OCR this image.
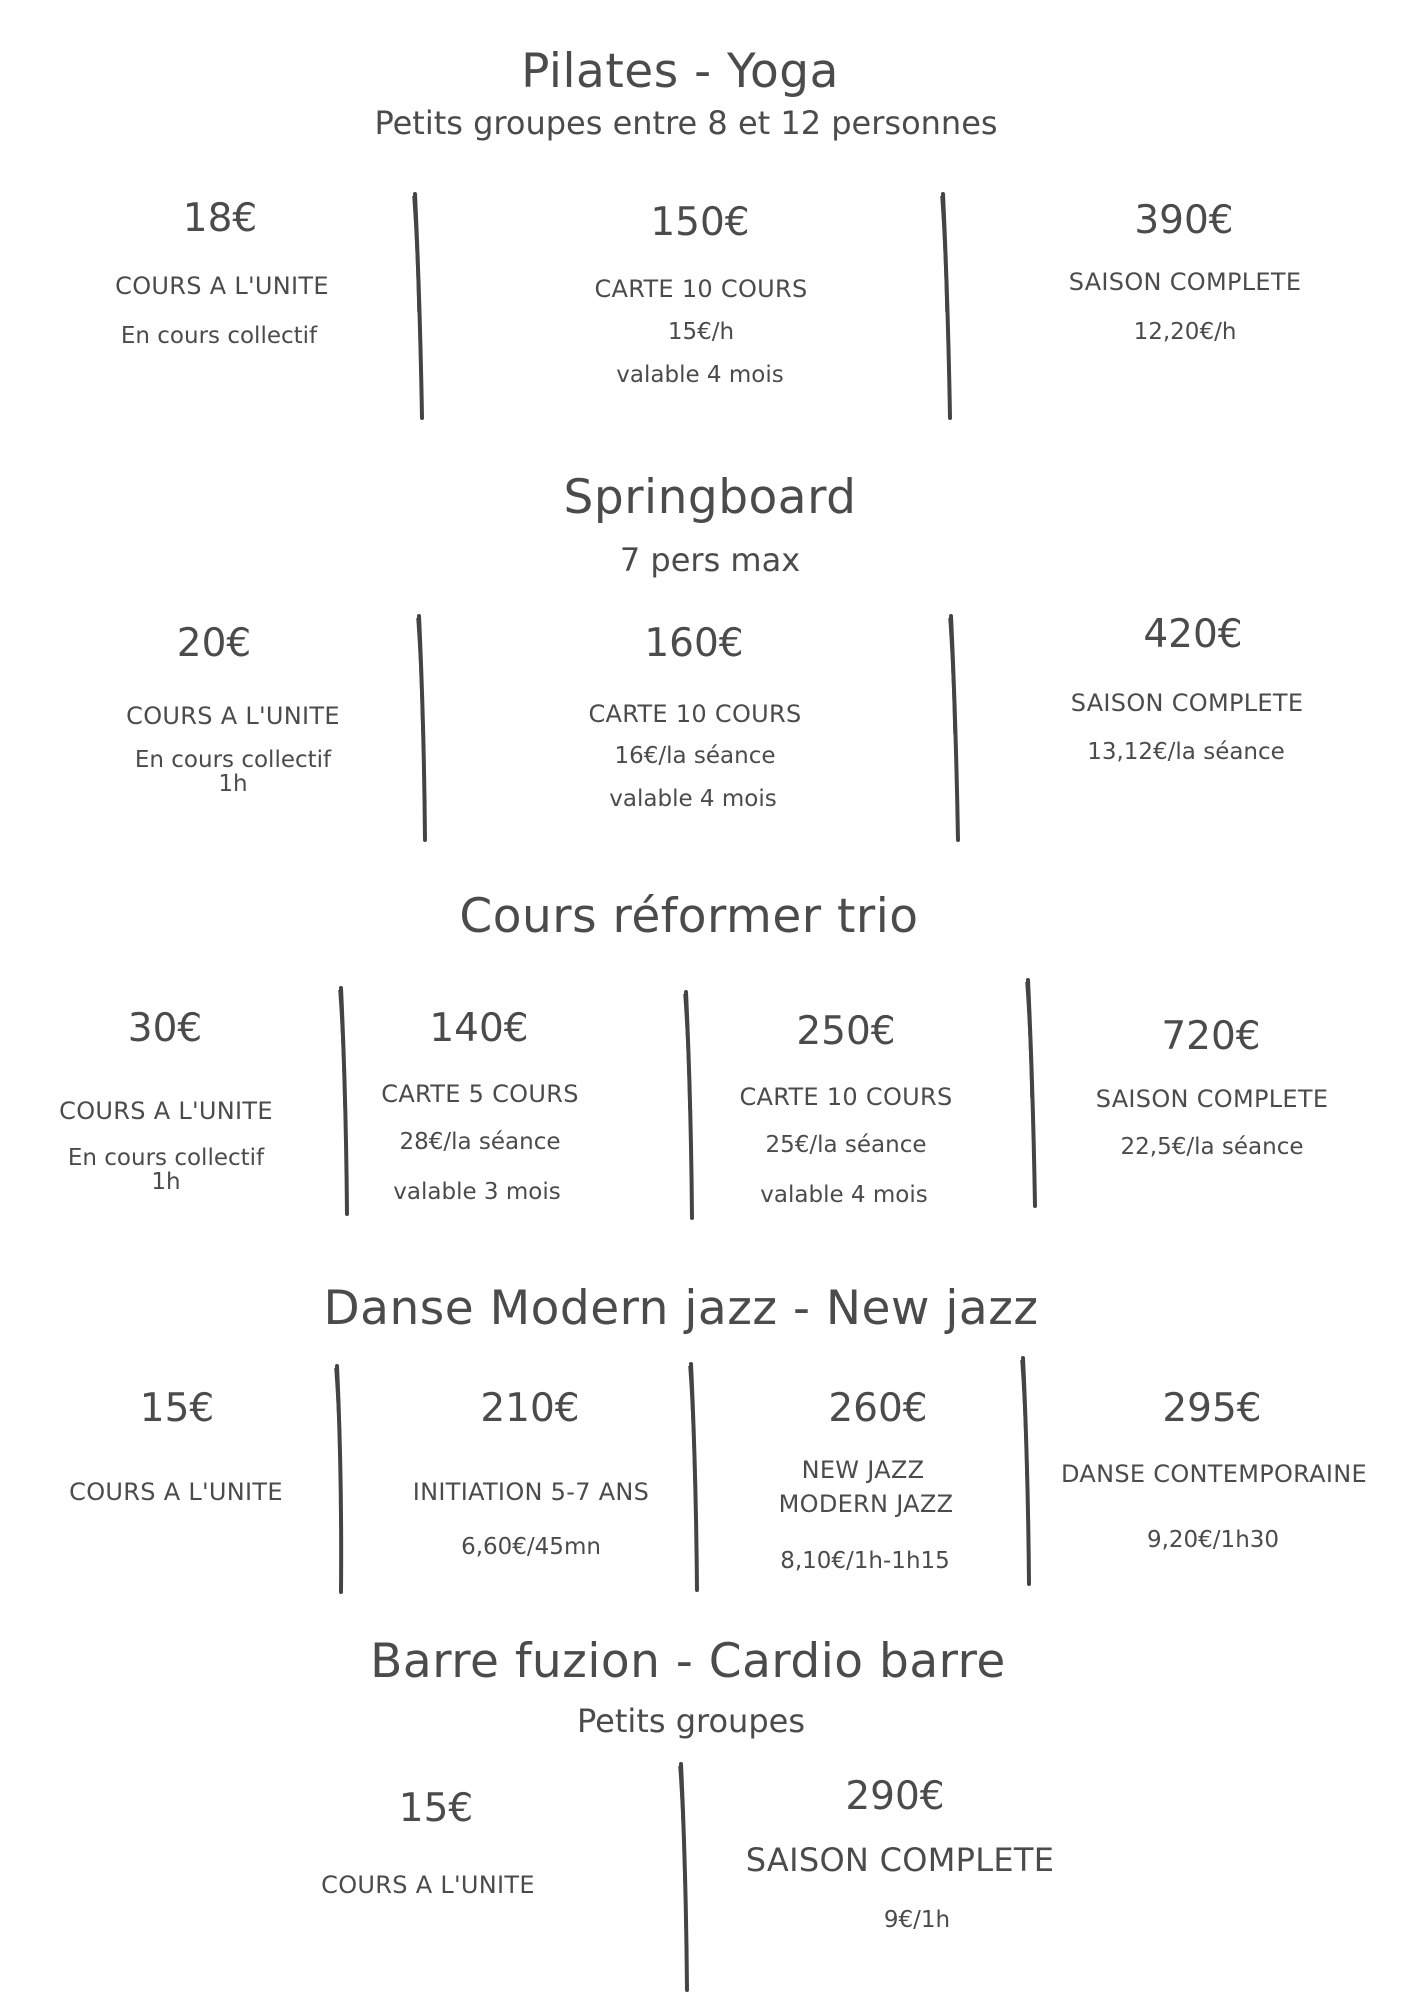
Pilates - Yoga
Petits groupes entre 8 et 12 personnes
18€
COURS A L'UNITE
En cours collectif
150€
CARTE 10 COURS
15€/h
valable 4 mois
390€
SAISON COMPLETE
12,20€/h
Springboard
7 pers max
20€
COURS A L'UNITE
En cours collectif
1h
160€
CARTE 10 COURS
16€/la séance
valable 4 mois
420€
SAISON COMPLETE
13,12€/la séance
Cours réformer trio
30€
COURS A L'UNITE
En cours collectif
1h
140€
CARTE 5 COURS
28€/la séance
valable 3 mois
250€
CARTE 10 COURS
25€/la séance
valable 4 mois
720€
SAISON COMPLETE
22,5€/la séance
Danse Modern jazz - New jazz
15€
COURS A L'UNITE
210€
INITIATION 5-7 ANS
6,60€/45mn
260€
NEW JAZZ
MODERN JAZZ
8,10€/1h-1h15
295€
DANSE CONTEMPORAINE
9,20€/1h30
Barre fuzion - Cardio barre
Petits groupes
15€
COURS A L'UNITE
290€
SAISON COMPLETE
9€/1h
